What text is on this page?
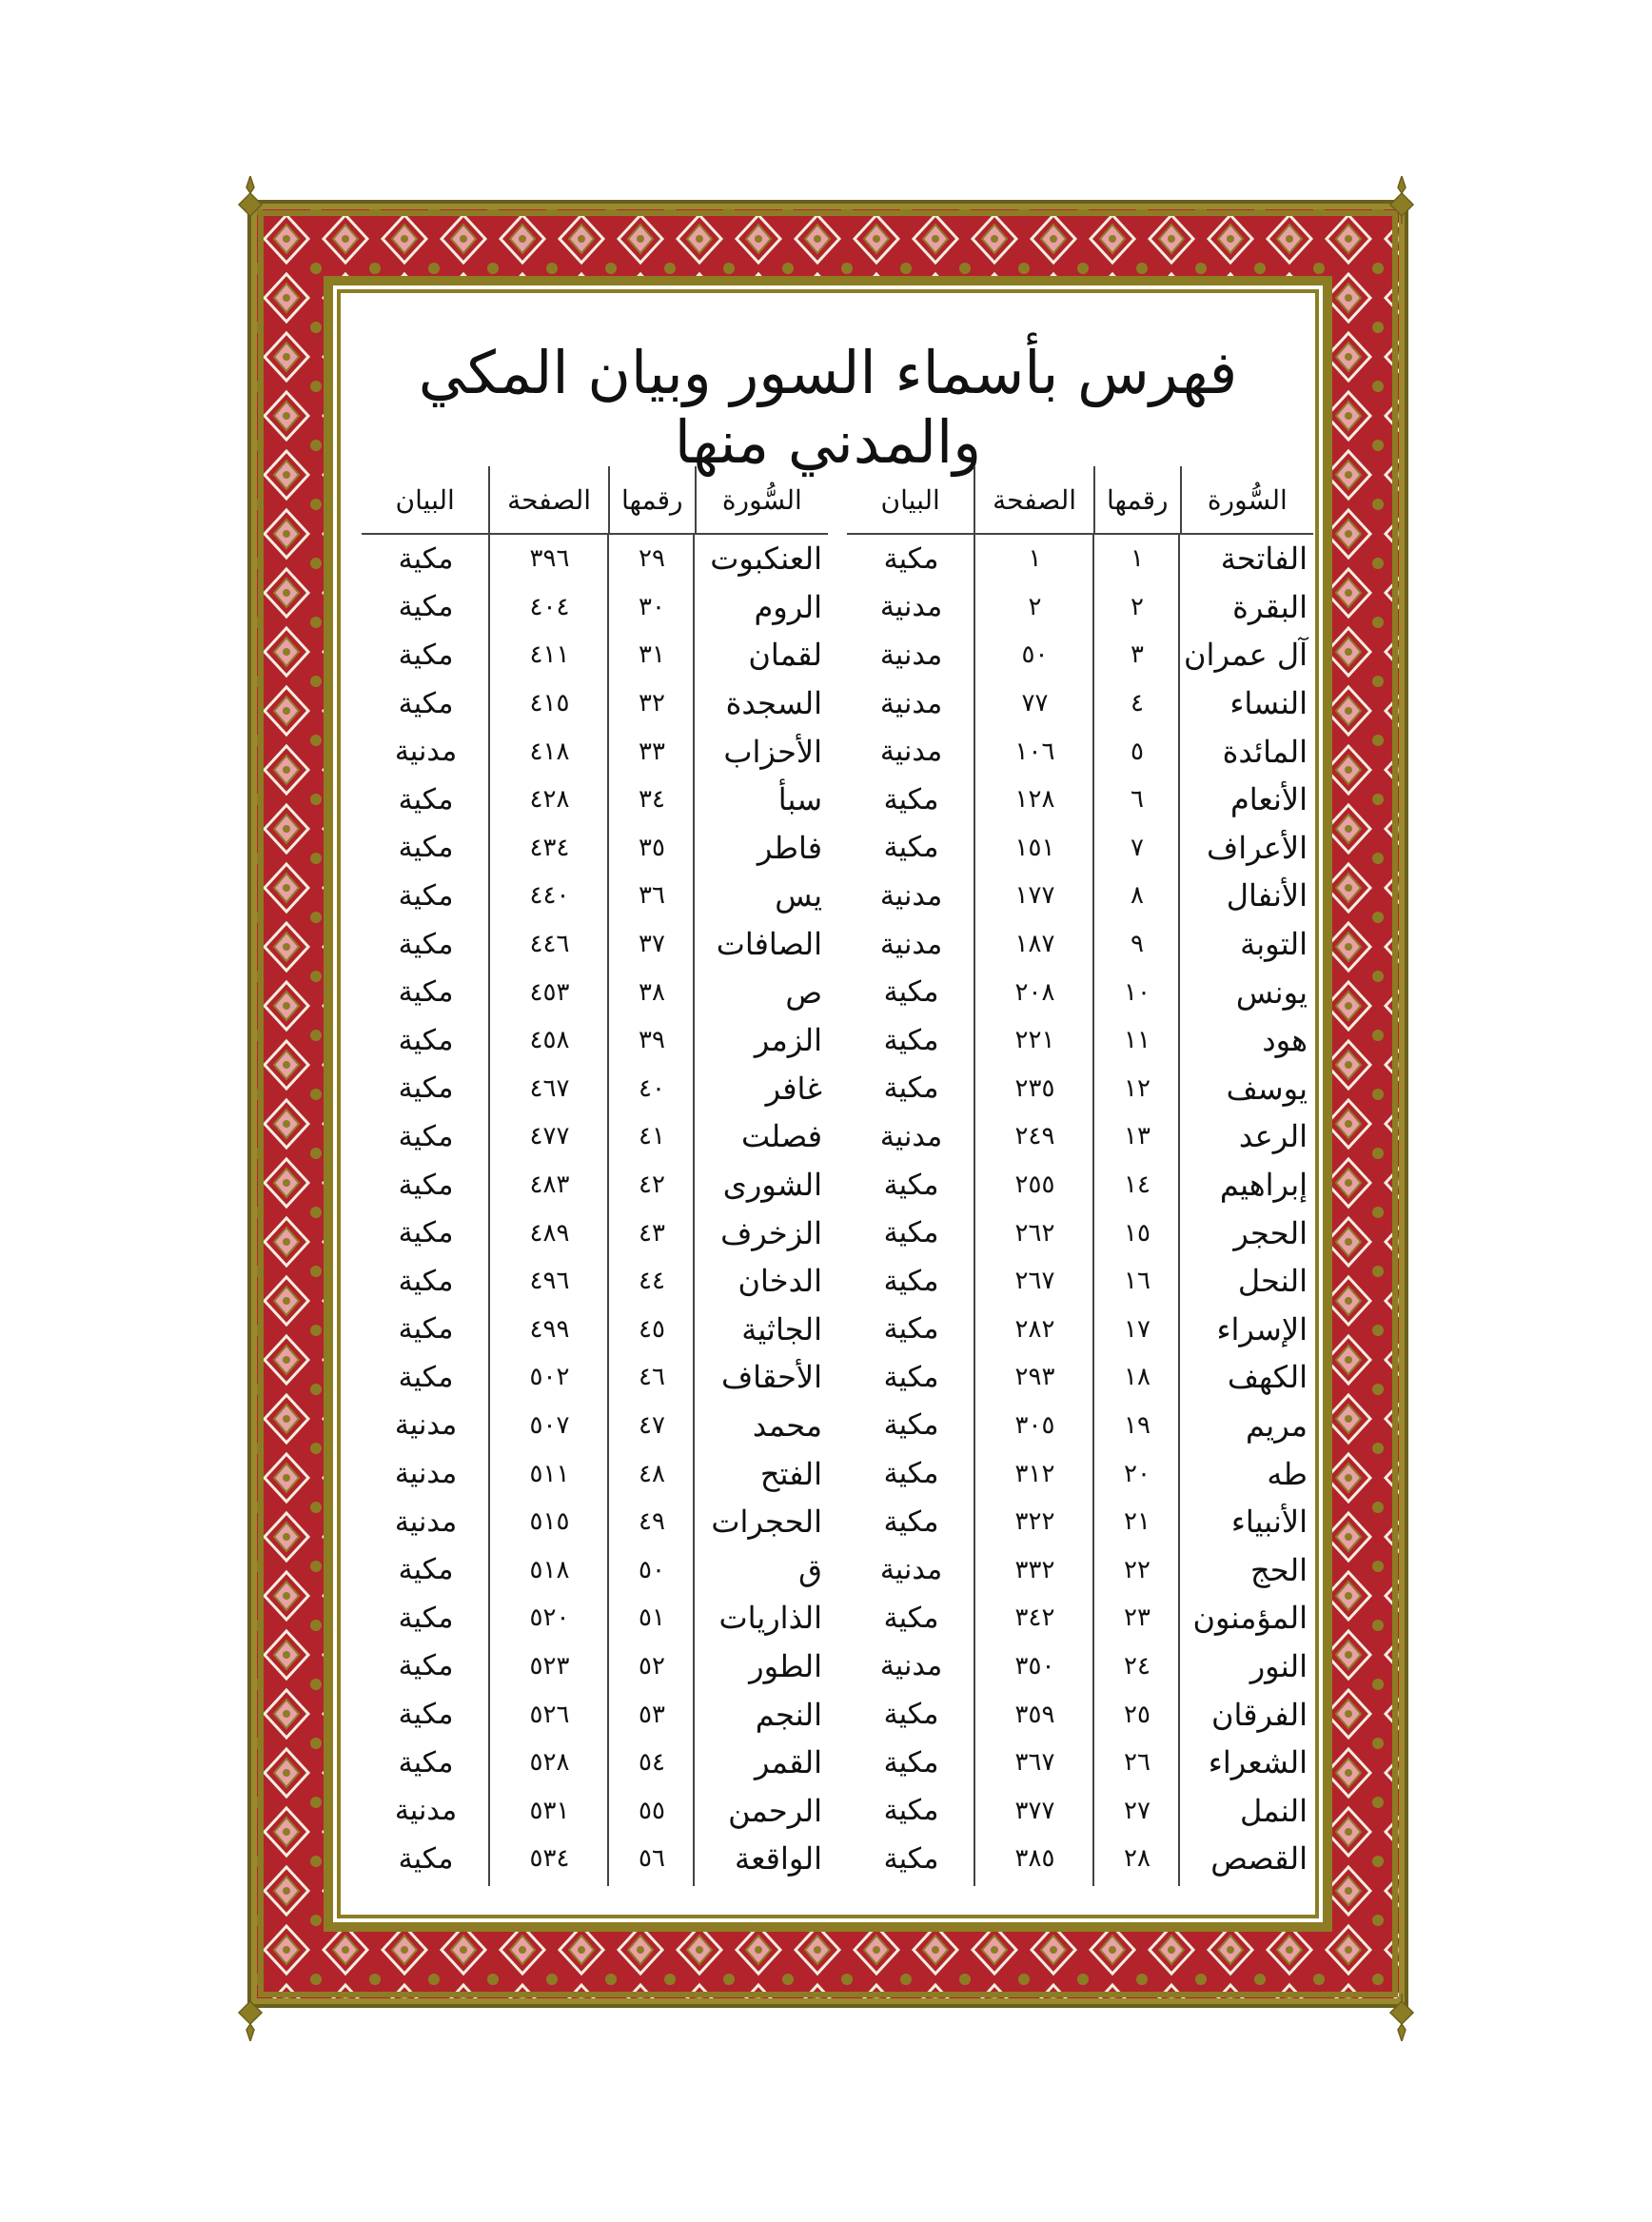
فهرس بأسماء السور وبيان المكي والمدني منها
السُّورة
رقمها
الصفحة
البيان
الفاتحة
١
١
مكية
البقرة
٢
٢
مدنية
آل عمران
٣
٥٠
مدنية
النساء
٤
٧٧
مدنية
المائدة
٥
١٠٦
مدنية
الأنعام
٦
١٢٨
مكية
الأعراف
٧
١٥١
مكية
الأنفال
٨
١٧٧
مدنية
التوبة
٩
١٨٧
مدنية
يونس
١٠
٢٠٨
مكية
هود
١١
٢٢١
مكية
يوسف
١٢
٢٣٥
مكية
الرعد
١٣
٢٤٩
مدنية
إبراهيم
١٤
٢٥٥
مكية
الحجر
١٥
٢٦٢
مكية
النحل
١٦
٢٦٧
مكية
الإسراء
١٧
٢٨٢
مكية
الكهف
١٨
٢٩٣
مكية
مريم
١٩
٣٠٥
مكية
طه
٢٠
٣١٢
مكية
الأنبياء
٢١
٣٢٢
مكية
الحج
٢٢
٣٣٢
مدنية
المؤمنون
٢٣
٣٤٢
مكية
النور
٢٤
٣٥٠
مدنية
الفرقان
٢٥
٣٥٩
مكية
الشعراء
٢٦
٣٦٧
مكية
النمل
٢٧
٣٧٧
مكية
القصص
٢٨
٣٨٥
مكية
السُّورة
رقمها
الصفحة
البيان
العنكبوت
٢٩
٣٩٦
مكية
الروم
٣٠
٤٠٤
مكية
لقمان
٣١
٤١١
مكية
السجدة
٣٢
٤١٥
مكية
الأحزاب
٣٣
٤١٨
مدنية
سبأ
٣٤
٤٢٨
مكية
فاطر
٣٥
٤٣٤
مكية
يس
٣٦
٤٤٠
مكية
الصافات
٣٧
٤٤٦
مكية
ص
٣٨
٤٥٣
مكية
الزمر
٣٩
٤٥٨
مكية
غافر
٤٠
٤٦٧
مكية
فصلت
٤١
٤٧٧
مكية
الشورى
٤٢
٤٨٣
مكية
الزخرف
٤٣
٤٨٩
مكية
الدخان
٤٤
٤٩٦
مكية
الجاثية
٤٥
٤٩٩
مكية
الأحقاف
٤٦
٥٠٢
مكية
محمد
٤٧
٥٠٧
مدنية
الفتح
٤٨
٥١١
مدنية
الحجرات
٤٩
٥١٥
مدنية
ق
٥٠
٥١٨
مكية
الذاريات
٥١
٥٢٠
مكية
الطور
٥٢
٥٢٣
مكية
النجم
٥٣
٥٢٦
مكية
القمر
٥٤
٥٢٨
مكية
الرحمن
٥٥
٥٣١
مدنية
الواقعة
٥٦
٥٣٤
مكية
